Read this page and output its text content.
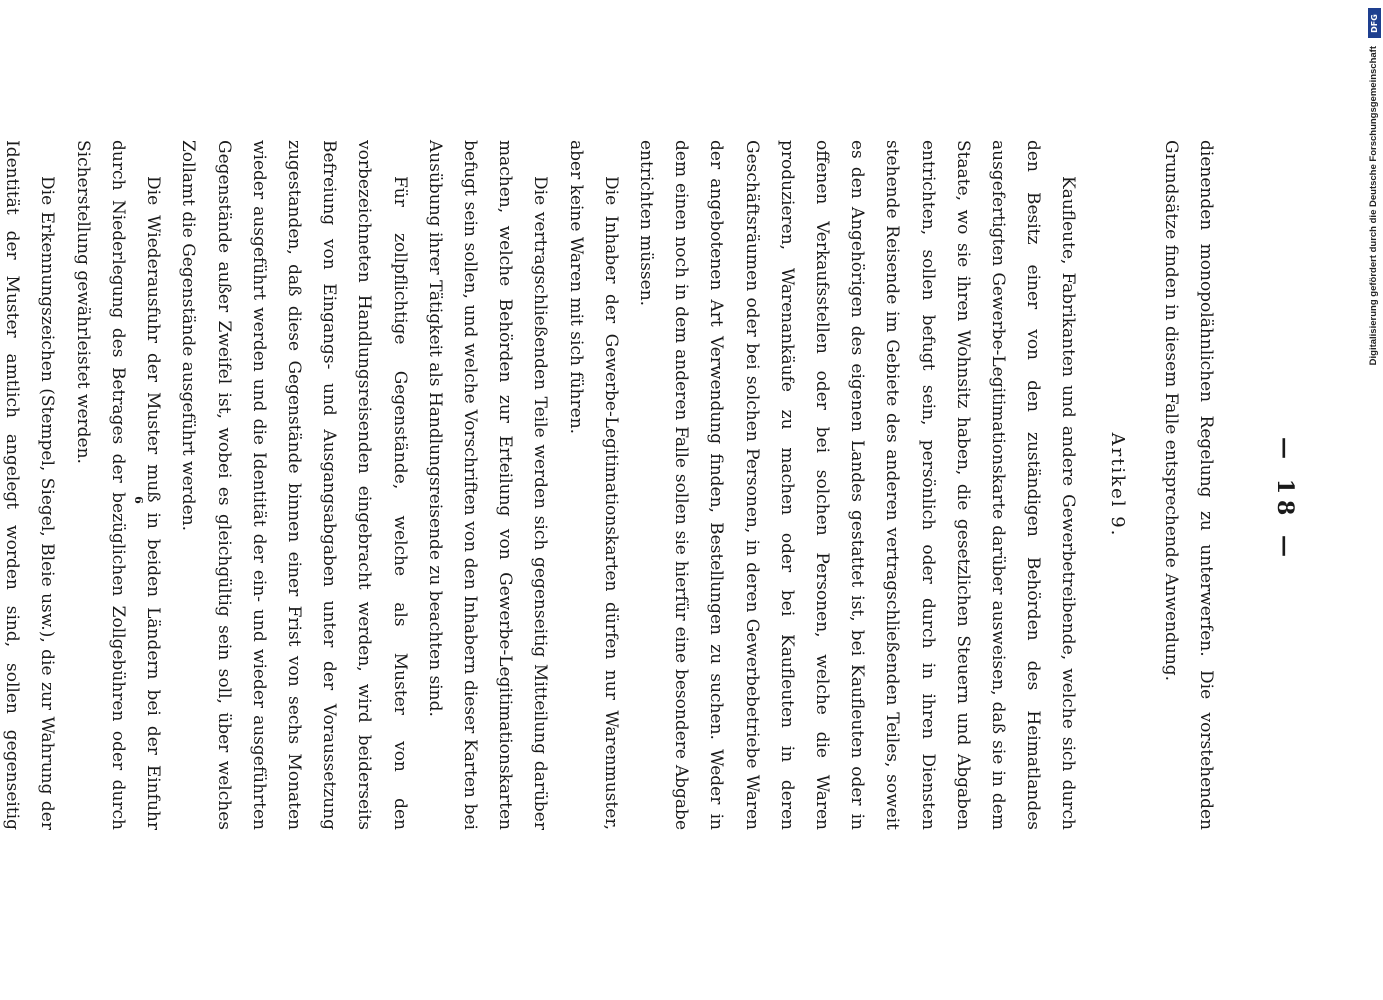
— 18 —

dienenden monopolähnlichen Regelung zu unterwerfen. Die vorstehenden Grundsätze finden in diesem Falle entsprechende Anwendung.

Artikel 9.

Kaufleute, Fabrikanten und andere Gewerbetreibende, welche sich durch den Besitz einer von den zuständigen Behörden des Heimatlandes ausgefertigten Gewerbe-Legitimationskarte darüber ausweisen, daß sie in dem Staate, wo sie ihren Wohnsitz haben, die gesetzlichen Steuern und Abgaben entrichten, sollen befugt sein, persönlich oder durch in ihren Diensten stehende Reisende im Gebiete des anderen vertragschließenden Teiles, soweit es den Angehörigen des eigenen Landes gestattet ist, bei Kaufleuten oder in offenen Verkaufsstellen oder bei solchen Personen, welche die Waren produzieren, Warenankäufe zu machen oder bei Kaufleuten in deren Geschäftsräumen oder bei solchen Personen, in deren Gewerbebetriebe Waren der angebotenen Art Verwendung finden, Bestellungen zu suchen. Weder in dem einen noch in dem anderen Falle sollen sie hierfür eine besondere Abgabe entrichten müssen.

Die Inhaber der Gewerbe-Legitimationskarten dürfen nur Warenmuster, aber keine Waren mit sich führen.

Die vertragschließenden Teile werden sich gegenseitig Mitteilung darüber machen, welche Behörden zur Erteilung von Gewerbe-Legitimationskarten befugt sein sollen, und welche Vorschriften von den Inhabern dieser Karten bei Ausübung ihrer Tätigkeit als Handlungsreisende zu beachten sind.

Für zollpflichtige Gegenstände, welche als Muster von den vorbezeichneten Handlungsreisenden eingebracht werden, wird beiderseits Befreiung von Eingangs- und Ausgangsabgaben unter der Voraussetzung zugestanden, daß diese Gegenstände binnen einer Frist von sechs Monaten wieder ausgeführt werden und die Identität der ein- und wieder ausgeführten Gegenstände außer Zweifel ist, wobei es gleichgültig sein soll, über welches Zollamt die Gegenstände ausgeführt werden.

Die Wiederausfuhr der Muster muß in beiden Ländern bei der Einfuhr durch Niederlegung des Betrages der bezüglichen Zollgebühren oder durch Sicherstellung gewährleistet werden.

Die Erkennungszeichen (Stempel, Siegel, Bleie usw.), die zur Wahrung der Identität der Muster amtlich angelegt worden sind, sollen gegenseitig

6
DFG
Digitalisierung gefördert durch die Deutsche Forschungsgemeinschaft
